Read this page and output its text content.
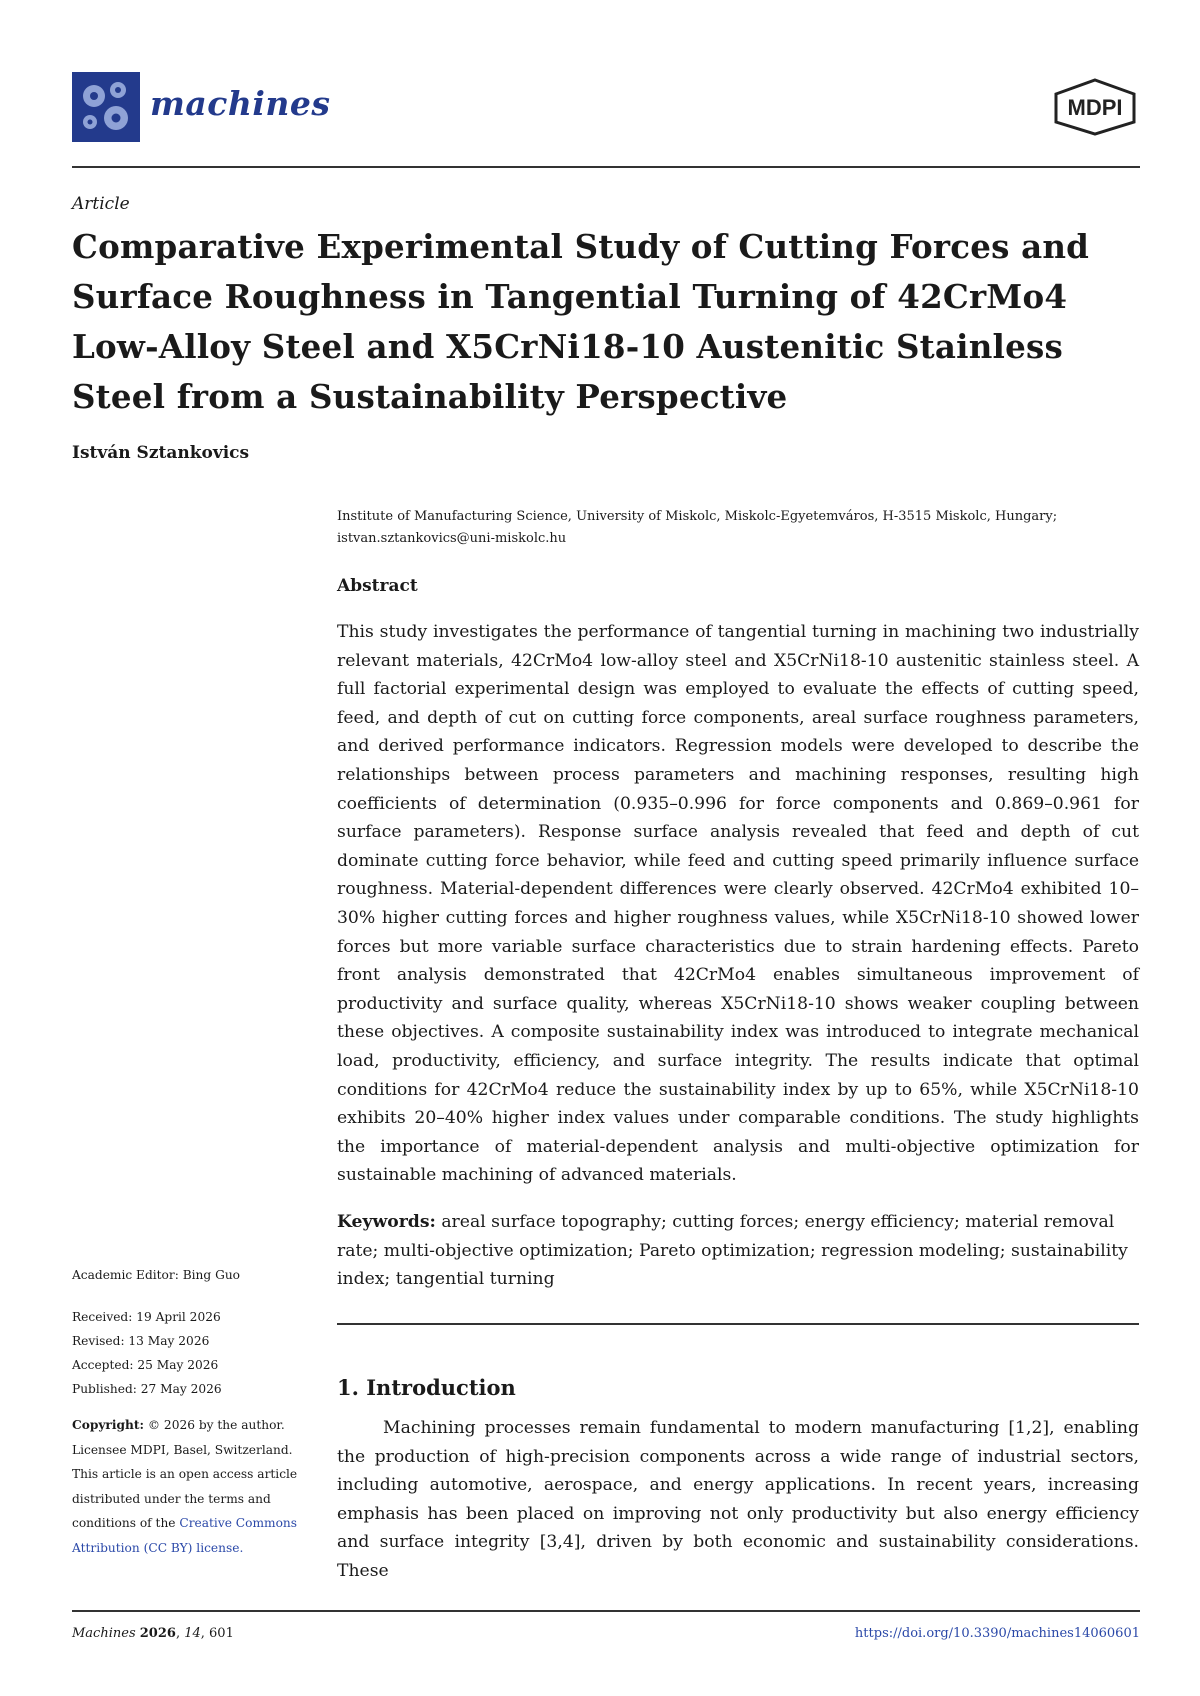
machines	MDPI
Article
Comparative Experimental Study of Cutting Forces and Surface Roughness in Tangential Turning of 42CrMo4 Low-Alloy Steel and X5CrNi18-10 Austenitic Stainless Steel from a Sustainability Perspective
István Sztankovics
Institute of Manufacturing Science, University of Miskolc, Miskolc-Egyetemváros, H-3515 Miskolc, Hungary; istvan.sztankovics@uni-miskolc.hu
Abstract
This study investigates the performance of tangential turning in machining two industrially relevant materials, 42CrMo4 low-alloy steel and X5CrNi18-10 austenitic stainless steel. A full factorial experimental design was employed to evaluate the effects of cutting speed, feed, and depth of cut on cutting force components, areal surface roughness parameters, and derived performance indicators. Regression models were developed to describe the relationships between process parameters and machining responses, resulting high coefficients of determination (0.935–0.996 for force components and 0.869–0.961 for surface parameters). Response surface analysis revealed that feed and depth of cut dominate cutting force behavior, while feed and cutting speed primarily influence surface roughness. Material-dependent differences were clearly observed. 42CrMo4 exhibited 10–30% higher cutting forces and higher roughness values, while X5CrNi18-10 showed lower forces but more variable surface characteristics due to strain hardening effects. Pareto front analysis demonstrated that 42CrMo4 enables simultaneous improvement of productivity and surface quality, whereas X5CrNi18-10 shows weaker coupling between these objectives. A composite sustainability index was introduced to integrate mechanical load, productivity, efficiency, and surface integrity. The results indicate that optimal conditions for 42CrMo4 reduce the sustainability index by up to 65%, while X5CrNi18-10 exhibits 20–40% higher index values under comparable conditions. The study highlights the importance of material-dependent analysis and multi-objective optimization for sustainable machining of advanced materials.
Keywords: areal surface topography; cutting forces; energy efficiency; material removal rate; multi-objective optimization; Pareto optimization; regression modeling; sustainability index; tangential turning
1. Introduction
Machining processes remain fundamental to modern manufacturing [1,2], enabling the production of high-precision components across a wide range of industrial sectors, including automotive, aerospace, and energy applications. In recent years, increasing emphasis has been placed on improving not only productivity but also energy efficiency and surface integrity [3,4], driven by both economic and sustainability considerations. These
Academic Editor: Bing Guo
Received: 19 April 2026
Revised: 13 May 2026
Accepted: 25 May 2026
Published: 27 May 2026
Copyright: © 2026 by the author. Licensee MDPI, Basel, Switzerland. This article is an open access article distributed under the terms and conditions of the Creative Commons Attribution (CC BY) license.
Machines 2026, 14, 601	https://doi.org/10.3390/machines14060601
